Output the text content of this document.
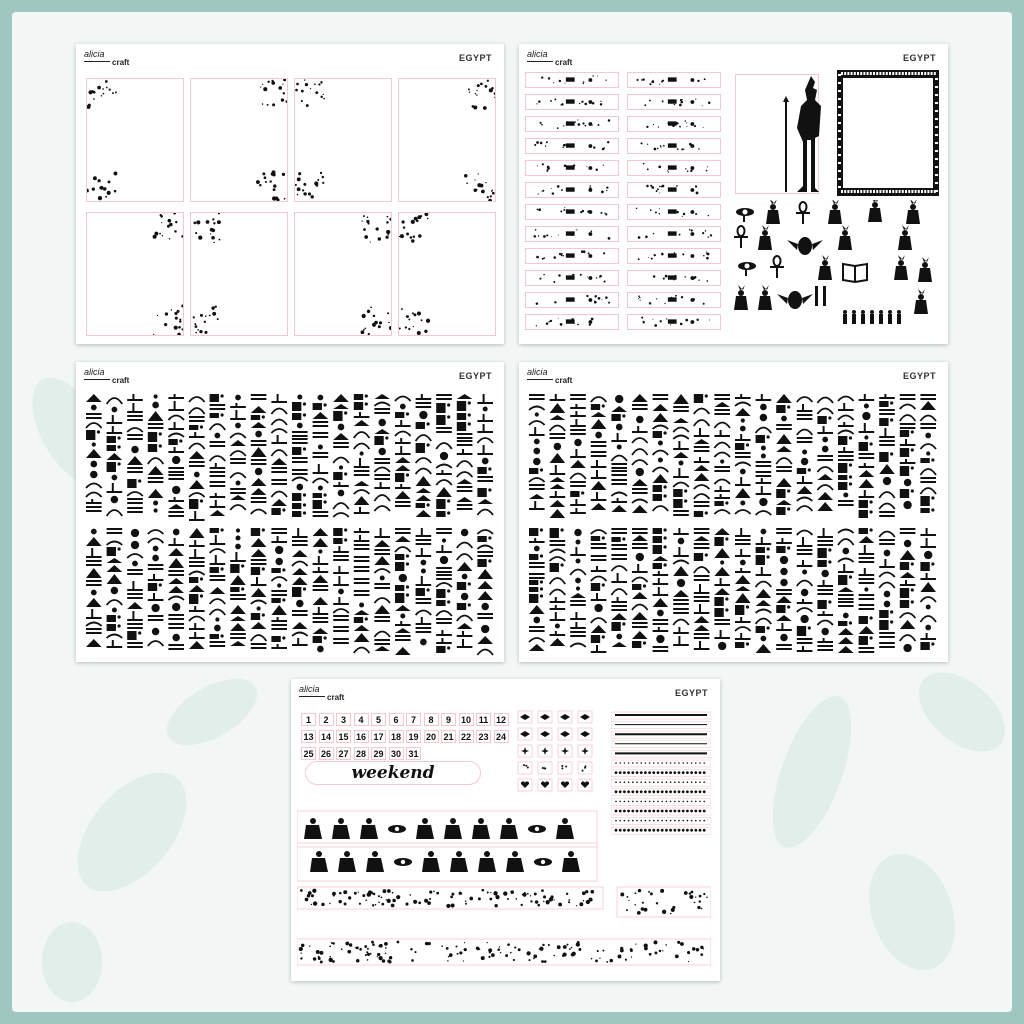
alicia
craft	EGYPT	alicia
craft	EGYPT
alicia
craft	EGYPT	alicia
craft	EGYPT
alicia
craft	EGYPT
1	2	3	4	5	6	7	8	9	10 11 12
13 14 15 16 17 18 19 20 21 22 23 24
25 26 27 28 29 30 31
weekend
